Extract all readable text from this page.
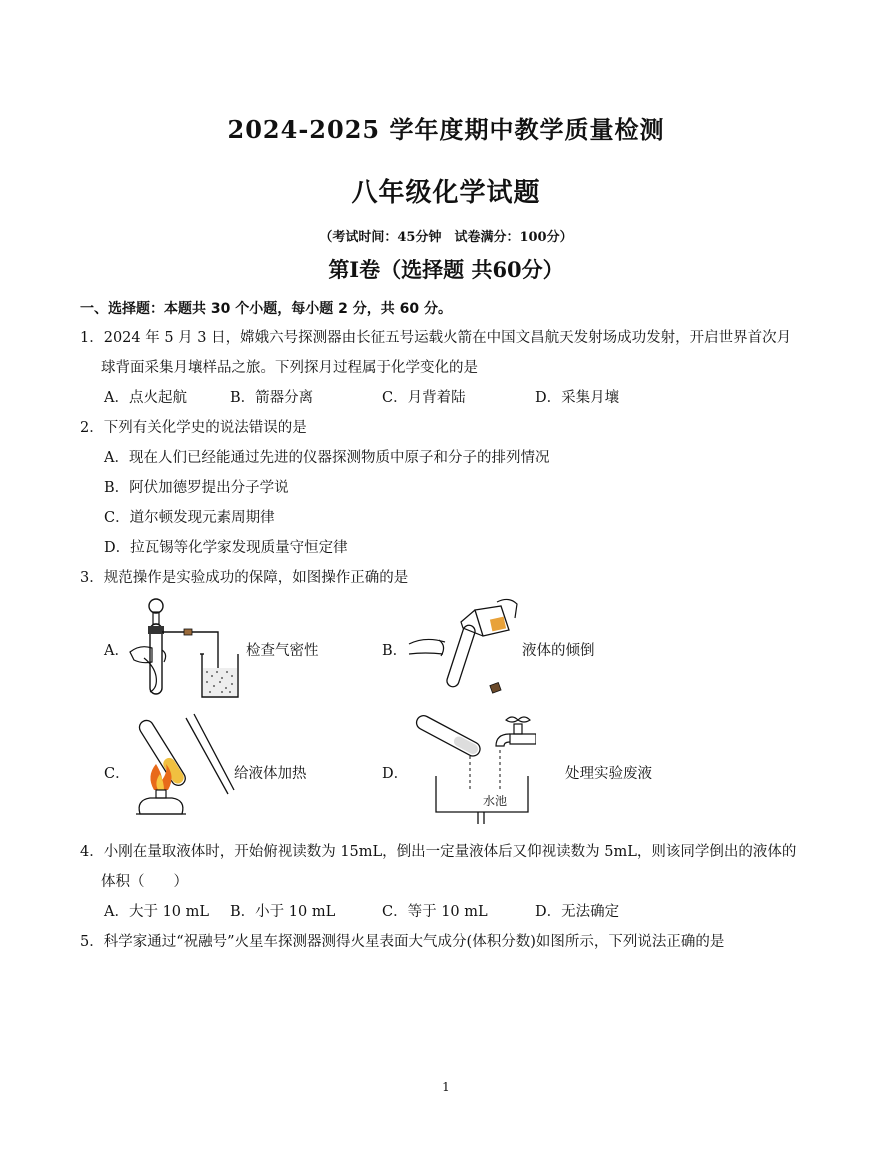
2024-2025 学年度期中教学质量检测
八年级化学试题
（考试时间：45分钟　试卷满分：100分）
第Ⅰ卷（选择题 共60分）
一、选择题：本题共 30 个小题，每小题 2 分，共 60 分。
1．2024 年 5 月 3 日，嫦娥六号探测器由长征五号运载火箭在中国文昌航天发射场成功发射，开启世界首次月
球背面采集月壤样品之旅。下列探月过程属于化学变化的是
A．点火起航	B．箭器分离	C．月背着陆	D．采集月壤
2．下列有关化学史的说法错误的是
A．现在人们已经能通过先进的仪器探测物质中原子和分子的排列情况
B．阿伏加德罗提出分子学说
C．道尔顿发现元素周期律
D．拉瓦锡等化学家发现质量守恒定律
3．规范操作是实验成功的保障，如图操作正确的是
A．	检查气密性	B．	液体的倾倒
C．	给液体加热	D．
水池
处理实验废液
4．小刚在量取液体时，开始俯视读数为 15mL，倒出一定量液体后又仰视读数为 5mL，则该同学倒出的液体的
体积（　　）
A．大于 10 mL B．小于 10 mL	C．等于 10 mL	D．无法确定
5．科学家通过“祝融号”火星车探测器测得火星表面大气成分(体积分数)如图所示，下列说法正确的是
1
